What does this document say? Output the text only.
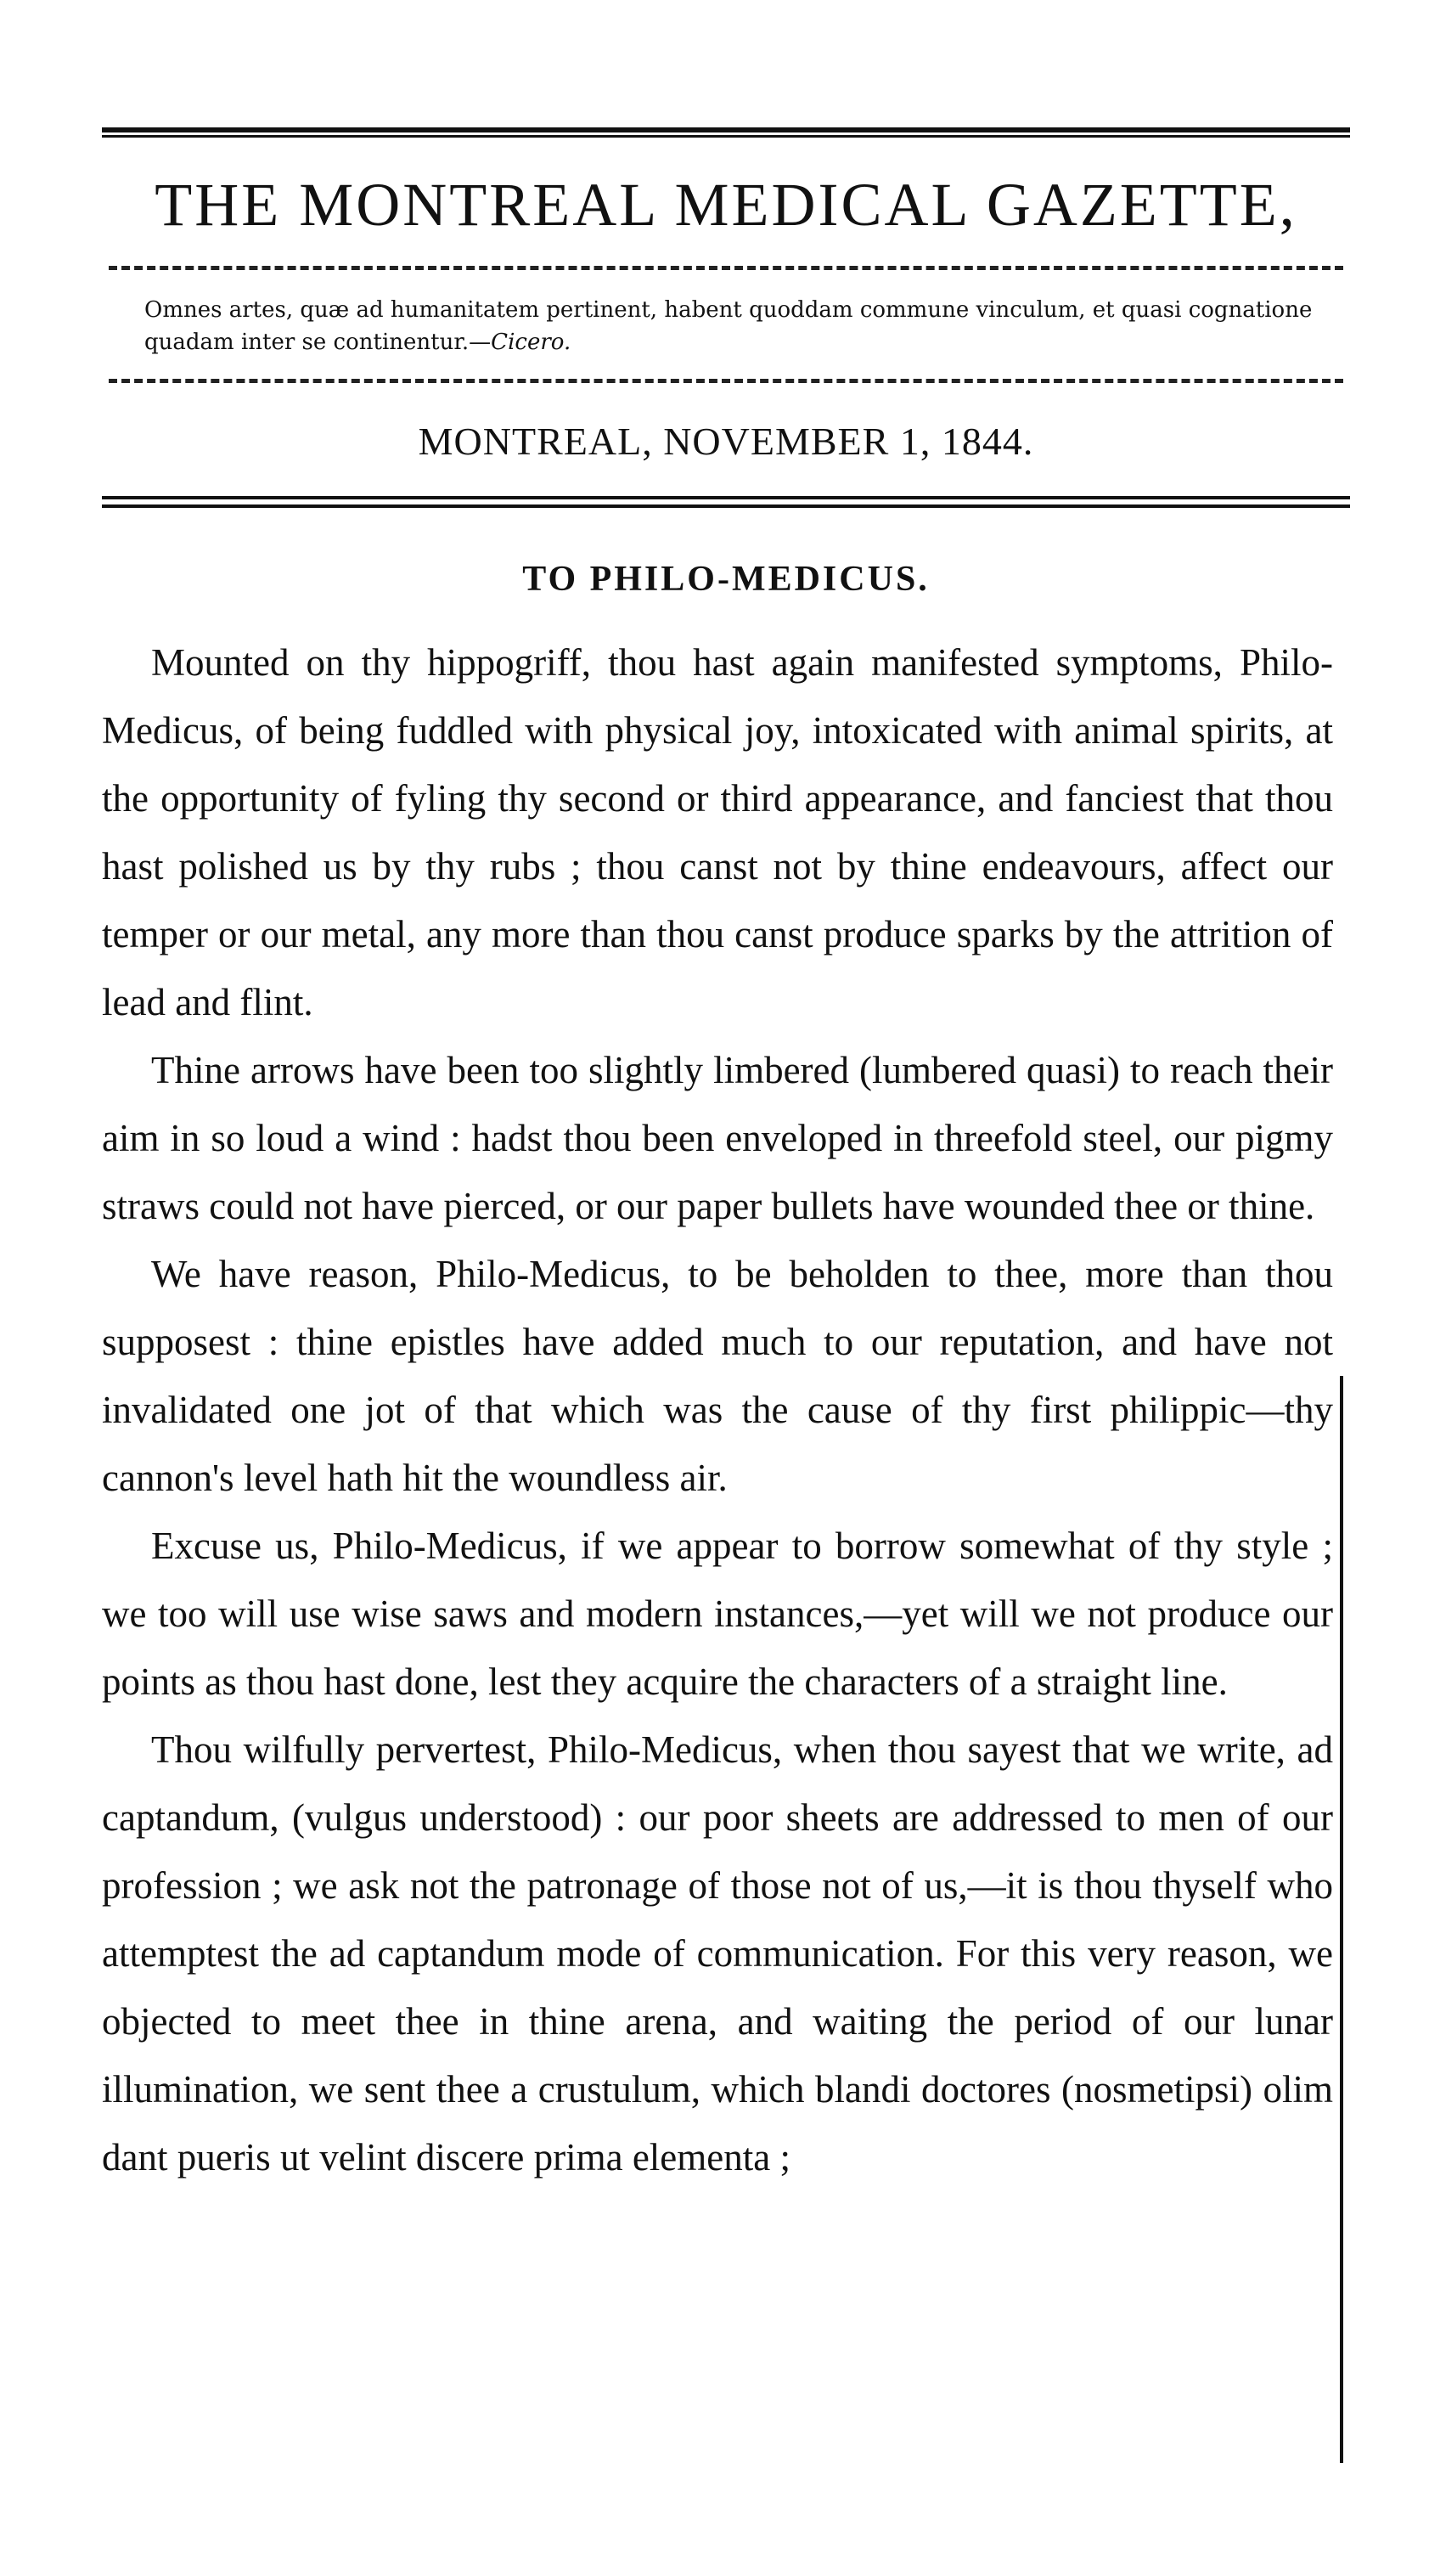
THE MONTREAL MEDICAL GAZETTE,

Omnes artes, quæ ad humanitatem pertinent, habent quoddam commune vinculum, et quasi cognatione quadam inter se continentur.—Cicero.

MONTREAL, NOVEMBER 1, 1844.
TO PHILO-MEDICUS.

Mounted on thy hippogriff, thou hast again manifested symptoms, Philo-Medicus, of being fuddled with physical joy, intoxicated with animal spirits, at the opportunity of fyling thy second or third appearance, and fanciest that thou hast polished us by thy rubs ; thou canst not by thine endeavours, affect our temper or our metal, any more than thou canst produce sparks by the attrition of lead and flint.

Thine arrows have been too slightly limbered (lumbered quasi) to reach their aim in so loud a wind : hadst thou been enveloped in threefold steel, our pigmy straws could not have pierced, or our paper bullets have wounded thee or thine.

We have reason, Philo-Medicus, to be beholden to thee, more than thou supposest : thine epistles have added much to our reputation, and have not invalidated one jot of that which was the cause of thy first philippic—thy cannon's level hath hit the woundless air.

Excuse us, Philo-Medicus, if we appear to borrow somewhat of thy style ; we too will use wise saws and modern instances,—yet will we not produce our points as thou hast done, lest they acquire the characters of a straight line.

Thou wilfully pervertest, Philo-Medicus, when thou sayest that we write, ad captandum, (vulgus understood) : our poor sheets are addressed to men of our profession ; we ask not the patronage of those not of us,—it is thou thyself who attemptest the ad captandum mode of communication. For this very reason, we objected to meet thee in thine arena, and waiting the period of our lunar illumination, we sent thee a crustulum, which blandi doctores (nosmetipsi) olim dant pueris ut velint discere prima elementa ;
